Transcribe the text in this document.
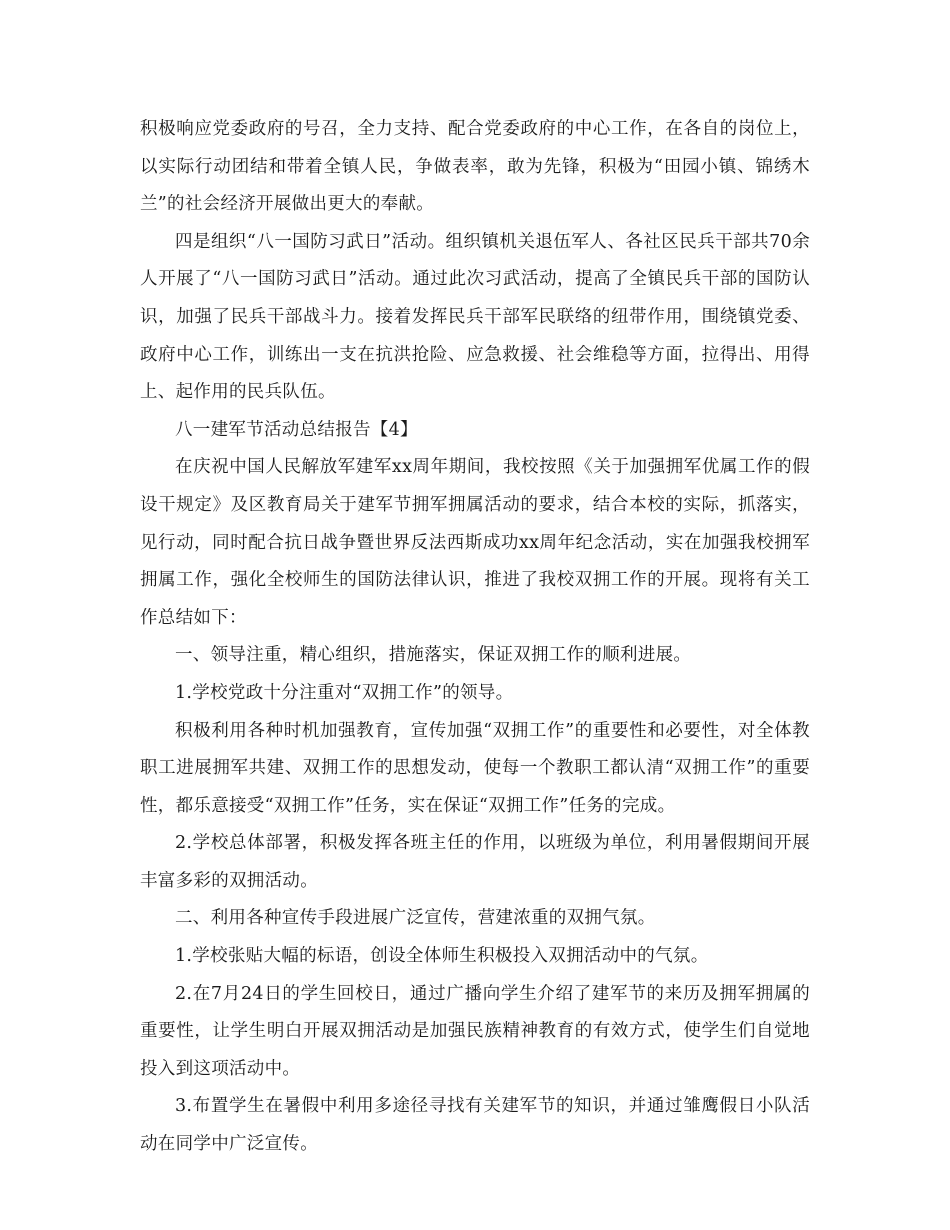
积极响应党委政府的号召，全力支持、配合党委政府的中心工作，在各自的岗位上，以实际行动团结和带着全镇人民，争做表率，敢为先锋，积极为“田园小镇、锦绣木兰”的社会经济开展做出更大的奉献。

四是组织“八一国防习武日”活动。组织镇机关退伍军人、各社区民兵干部共70余人开展了“八一国防习武日”活动。通过此次习武活动，提高了全镇民兵干部的国防认识，加强了民兵干部战斗力。接着发挥民兵干部军民联络的纽带作用，围绕镇党委、政府中心工作，训练出一支在抗洪抢险、应急救援、社会维稳等方面，拉得出、用得上、起作用的民兵队伍。

八一建军节活动总结报告【4】

在庆祝中国人民解放军建军xx周年期间，我校按照《关于加强拥军优属工作的假设干规定》及区教育局关于建军节拥军拥属活动的要求，结合本校的实际，抓落实，见行动，同时配合抗日战争暨世界反法西斯成功xx周年纪念活动，实在加强我校拥军拥属工作，强化全校师生的国防法律认识，推进了我校双拥工作的开展。现将有关工作总结如下：

一、领导注重，精心组织，措施落实，保证双拥工作的顺利进展。

1.学校党政十分注重对“双拥工作”的领导。

积极利用各种时机加强教育，宣传加强“双拥工作”的重要性和必要性，对全体教职工进展拥军共建、双拥工作的思想发动，使每一个教职工都认清“双拥工作”的重要性，都乐意接受“双拥工作”任务，实在保证“双拥工作”任务的完成。

2.学校总体部署，积极发挥各班主任的作用，以班级为单位，利用暑假期间开展丰富多彩的双拥活动。

二、利用各种宣传手段进展广泛宣传，营建浓重的双拥气氛。

1.学校张贴大幅的标语，创设全体师生积极投入双拥活动中的气氛。

2.在7月24日的学生回校日，通过广播向学生介绍了建军节的来历及拥军拥属的重要性，让学生明白开展双拥活动是加强民族精神教育的有效方式，使学生们自觉地投入到这项活动中。

3.布置学生在暑假中利用多途径寻找有关建军节的知识，并通过雏鹰假日小队活动在同学中广泛宣传。
